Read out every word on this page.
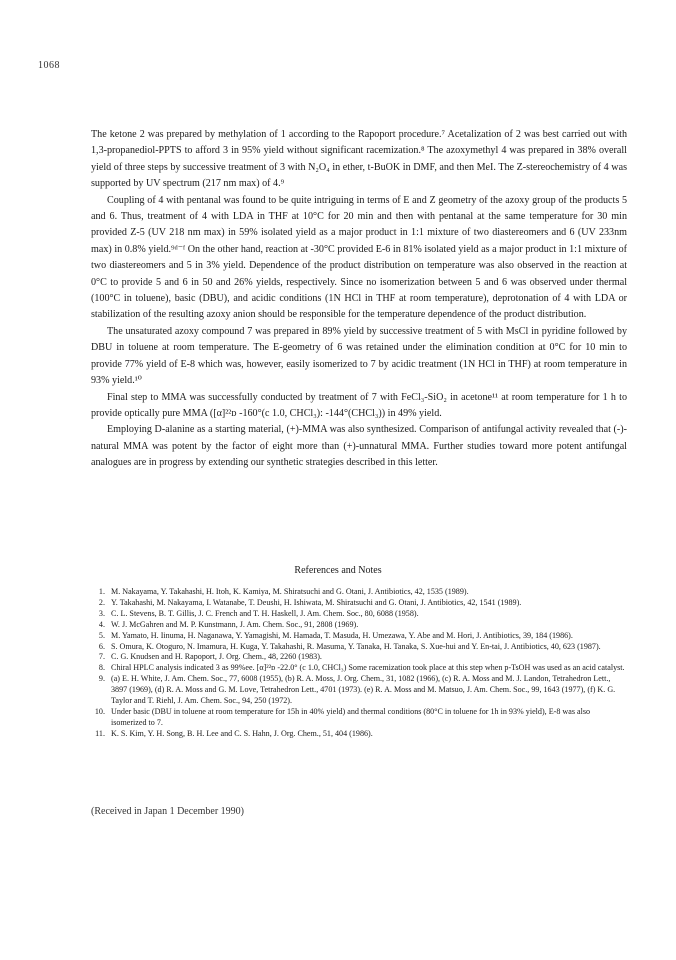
1068

The ketone 2 was prepared by methylation of 1 according to the Rapoport procedure.⁷ Acetalization of 2 was best carried out with 1,3-propanediol-PPTS to afford 3 in 95% yield without significant racemization.⁸ The azoxymethyl 4 was prepared in 38% overall yield of three steps by successive treatment of 3 with N₂O₄ in ether, t-BuOK in DMF, and then MeI. The Z-stereochemistry of 4 was supported by UV spectrum (217 nm max) of 4.⁹

Coupling of 4 with pentanal was found to be quite intriguing in terms of E and Z geometry of the azoxy group of the products 5 and 6. Thus, treatment of 4 with LDA in THF at 10°C for 20 min and then with pentanal at the same temperature for 30 min provided Z-5 (UV 218 nm max) in 59% isolated yield as a major product in 1:1 mixture of two diastereomers and 6 (UV 233nm max) in 0.8% yield.⁹ᵈ⁻ᶠ On the other hand, reaction at -30°C provided E-6 in 81% isolated yield as a major product in 1:1 mixture of two diastereomers and 5 in 3% yield. Dependence of the product distribution on temperature was also observed in the reaction at 0°C to provide 5 and 6 in 50 and 26% yields, respectively. Since no isomerization between 5 and 6 was observed under thermal (100°C in toluene), basic (DBU), and acidic conditions (1N HCl in THF at room temperature), deprotonation of 4 with LDA or stabilization of the resulting azoxy anion should be responsible for the temperature dependence of the product distribution.

The unsaturated azoxy compound 7 was prepared in 89% yield by successive treatment of 5 with MsCl in pyridine followed by DBU in toluene at room temperature. The E-geometry of 6 was retained under the elimination condition at 0°C for 10 min to provide 77% yield of E-8 which was, however, easily isomerized to 7 by acidic treatment (1N HCl in THF) at room temperature in 93% yield.¹⁰

Final step to MMA was successfully conducted by treatment of 7 with FeCl₃-SiO₂ in acetone¹¹ at room temperature for 1 h to provide optically pure MMA ([α]²²ᴅ -160°(c 1.0, CHCl₃): -144°(CHCl₃)) in 49% yield.

Employing D-alanine as a starting material, (+)-MMA was also synthesized. Comparison of antifungal activity revealed that (-)-natural MMA was potent by the factor of eight more than (+)-unnatural MMA. Further studies toward more potent antifungal analogues are in progress by extending our synthetic strategies described in this letter.

References and Notes
1. M. Nakayama, Y. Takahashi, H. Itoh, K. Kamiya, M. Shiratsuchi and G. Otani, J. Antibiotics, 42, 1535 (1989).
2. Y. Takahashi, M. Nakayama, I. Watanabe, T. Deushi, H. Ishiwata, M. Shiratsuchi and G. Otani, J. Antibiotics, 42, 1541 (1989).
3. C. L. Stevens, B. T. Gillis, J. C. French and T. H. Haskell, J. Am. Chem. Soc., 80, 6088 (1958).
4. W. J. McGahren and M. P. Kunstmann, J. Am. Chem. Soc., 91, 2808 (1969).
5. M. Yamato, H. Iinuma, H. Naganawa, Y. Yamagishi, M. Hamada, T. Masuda, H. Umezawa, Y. Abe and M. Hori, J. Antibiotics, 39, 184 (1986).
6. S. Omura, K. Otoguro, N. Imamura, H. Kuga, Y. Takahashi, R. Masuma, Y. Tanaka, H. Tanaka, S. Xue-hui and Y. En-tai, J. Antibiotics, 40, 623 (1987).
7. C. G. Knudsen and H. Rapoport, J. Org. Chem., 48, 2260 (1983).
8. Chiral HPLC analysis indicated 3 as 99%ee. [α]²²ᴅ -22.0° (c 1.0, CHCl₃) Some racemization took place at this step when p-TsOH was used as an acid catalyst.
9. (a) E. H. White, J. Am. Chem. Soc., 77, 6008 (1955), (b) R. A. Moss, J. Org. Chem., 31, 1082 (1966), (c) R. A. Moss and M. J. Landon, Tetrahedron Lett., 3897 (1969), (d) R. A. Moss and G. M. Love, Tetrahedron Lett., 4701 (1973). (e) R. A. Moss and M. Matsuo, J. Am. Chem. Soc., 99, 1643 (1977), (f) K. G. Taylor and T. Riehl, J. Am. Chem. Soc., 94, 250 (1972).
10. Under basic (DBU in toluene at room temperature for 15h in 40% yield) and thermal conditions (80°C in toluene for 1h in 93% yield), E-8 was also isomerized to 7.
11. K. S. Kim, Y. H. Song, B. H. Lee and C. S. Hahn, J. Org. Chem., 51, 404 (1986).
(Received in Japan 1 December 1990)
